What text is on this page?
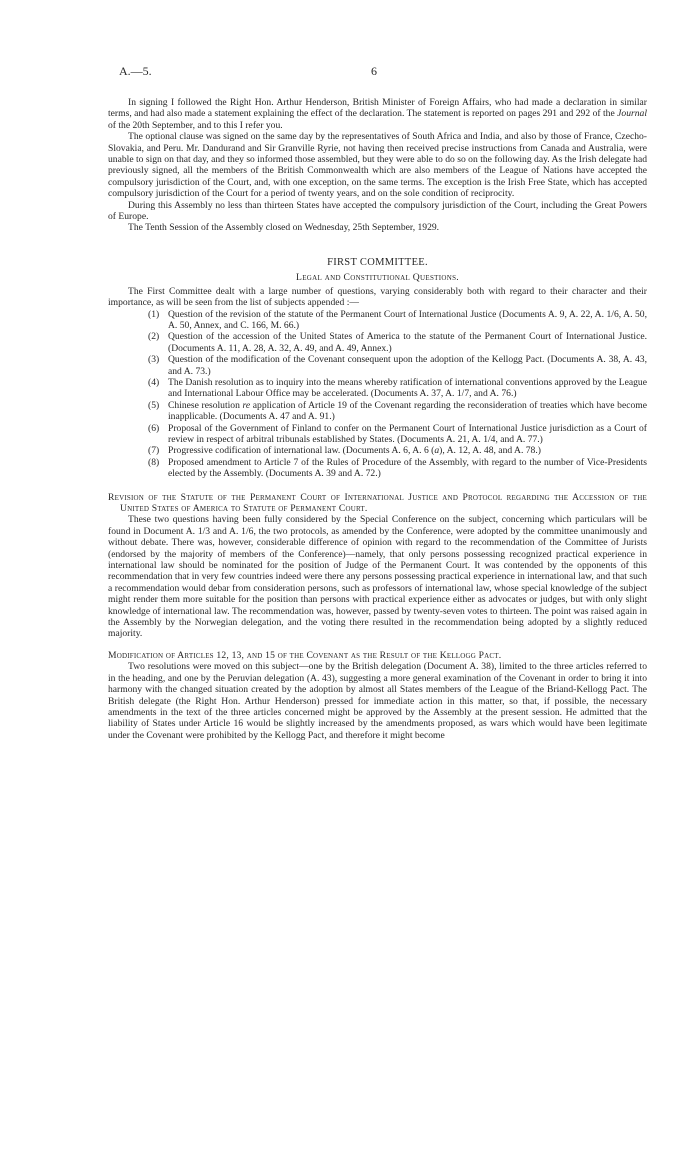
A.—5.	6

In signing I followed the Right Hon. Arthur Henderson, British Minister of Foreign Affairs, who had made a declaration in similar terms, and had also made a statement explaining the effect of the declaration. The statement is reported on pages 291 and 292 of the Journal of the 20th September, and to this I refer you.

The optional clause was signed on the same day by the representatives of South Africa and India, and also by those of France, Czecho-Slovakia, and Peru. Mr. Dandurand and Sir Granville Ryrie, not having then received precise instructions from Canada and Australia, were unable to sign on that day, and they so informed those assembled, but they were able to do so on the following day. As the Irish delegate had previously signed, all the members of the British Commonwealth which are also members of the League of Nations have accepted the compulsory jurisdiction of the Court, and, with one exception, on the same terms. The exception is the Irish Free State, which has accepted compulsory jurisdiction of the Court for a period of twenty years, and on the sole condition of reciprocity.

During this Assembly no less than thirteen States have accepted the compulsory jurisdiction of the Court, including the Great Powers of Europe.

The Tenth Session of the Assembly closed on Wednesday, 25th September, 1929.

FIRST COMMITTEE.

Legal and Constitutional Questions.

The First Committee dealt with a large number of questions, varying considerably both with regard to their character and their importance, as will be seen from the list of subjects appended :—

(1) Question of the revision of the statute of the Permanent Court of International Justice (Documents A. 9, A. 22, A. 1/6, A. 50, A. 50, Annex, and C. 166, M. 66.)
(2) Question of the accession of the United States of America to the statute of the Permanent Court of International Justice. (Documents A. 11, A. 28, A. 32, A. 49, and A. 49, Annex.)
(3) Question of the modification of the Covenant consequent upon the adoption of the Kellogg Pact. (Documents A. 38, A. 43, and A. 73.)
(4) The Danish resolution as to inquiry into the means whereby ratification of international conventions approved by the League and International Labour Office may be accelerated. (Documents A. 37, A. 1/7, and A. 76.)
(5) Chinese resolution re application of Article 19 of the Covenant regarding the reconsideration of treaties which have become inapplicable. (Documents A. 47 and A. 91.)
(6) Proposal of the Government of Finland to confer on the Permanent Court of International Justice jurisdiction as a Court of review in respect of arbitral tribunals established by States. (Documents A. 21, A. 1/4, and A. 77.)
(7) Progressive codification of international law. (Documents A. 6, A. 6 (a), A. 12, A. 48, and A. 78.)
(8) Proposed amendment to Article 7 of the Rules of Procedure of the Assembly, with regard to the number of Vice-Presidents elected by the Assembly. (Documents A. 39 and A. 72.)

Revision of the Statute of the Permanent Court of International Justice and Protocol regarding the Accession of the United States of America to Statute of Permanent Court.

These two questions having been fully considered by the Special Conference on the subject, concerning which particulars will be found in Document A. 1/3 and A. 1/6, the two protocols, as amended by the Conference, were adopted by the committee unanimously and without debate. There was, however, considerable difference of opinion with regard to the recommendation of the Committee of Jurists (endorsed by the majority of members of the Conference)—namely, that only persons possessing recognized practical experience in international law should be nominated for the position of Judge of the Permanent Court. It was contended by the opponents of this recommendation that in very few countries indeed were there any persons possessing practical experience in international law, and that such a recommendation would debar from consideration persons, such as professors of international law, whose special knowledge of the subject might render them more suitable for the position than persons with practical experience either as advocates or judges, but with only slight knowledge of international law. The recommendation was, however, passed by twenty-seven votes to thirteen. The point was raised again in the Assembly by the Norwegian delegation, and the voting there resulted in the recommendation being adopted by a slightly reduced majority.

Modification of Articles 12, 13, and 15 of the Covenant as the Result of the Kellogg Pact.

Two resolutions were moved on this subject—one by the British delegation (Document A. 38), limited to the three articles referred to in the heading, and one by the Peruvian delegation (A. 43), suggesting a more general examination of the Covenant in order to bring it into harmony with the changed situation created by the adoption by almost all States members of the League of the Briand-Kellogg Pact. The British delegate (the Right Hon. Arthur Henderson) pressed for immediate action in this matter, so that, if possible, the necessary amendments in the text of the three articles concerned might be approved by the Assembly at the present session. He admitted that the liability of States under Article 16 would be slightly increased by the amendments proposed, as wars which would have been legitimate under the Covenant were prohibited by the Kellogg Pact, and therefore it might become
